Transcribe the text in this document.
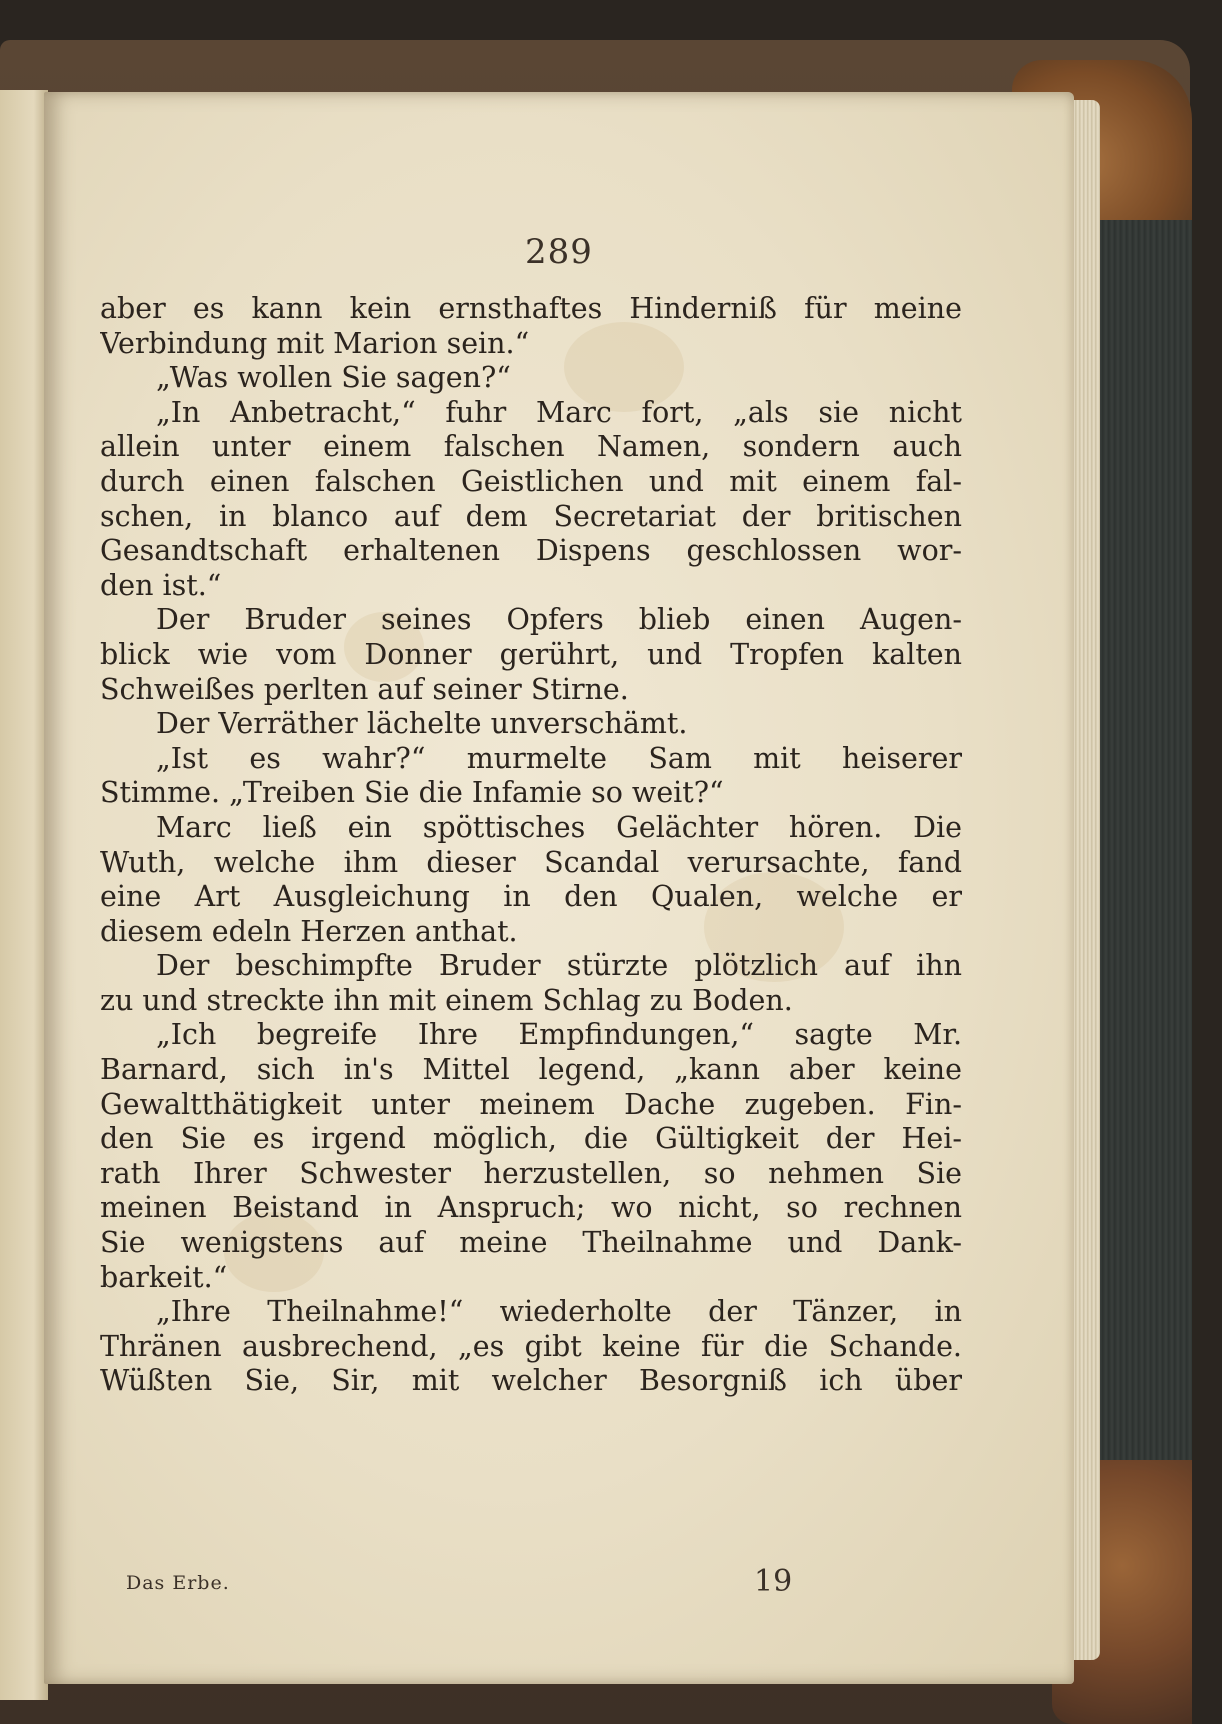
289
aber es kann kein ernsthaftes Hinderniß für meine
Verbindung mit Marion sein.“
„Was wollen Sie sagen?“
„In Anbetracht,“ fuhr Marc fort, „als sie nicht
allein unter einem falschen Namen, sondern auch
durch einen falschen Geistlichen und mit einem fal-
schen, in blanco auf dem Secretariat der britischen
Gesandtschaft erhaltenen Dispens geschlossen wor-
den ist.“
Der Bruder seines Opfers blieb einen Augen-
blick wie vom Donner gerührt, und Tropfen kalten
Schweißes perlten auf seiner Stirne.
Der Verräther lächelte unverschämt.
„Ist es wahr?“ murmelte Sam mit heiserer
Stimme. „Treiben Sie die Infamie so weit?“
Marc ließ ein spöttisches Gelächter hören. Die
Wuth, welche ihm dieser Scandal verursachte, fand
eine Art Ausgleichung in den Qualen, welche er
diesem edeln Herzen anthat.
Der beschimpfte Bruder stürzte plötzlich auf ihn
zu und streckte ihn mit einem Schlag zu Boden.
„Ich begreife Ihre Empfindungen,“ sagte Mr.
Barnard, sich in's Mittel legend, „kann aber keine
Gewaltthätigkeit unter meinem Dache zugeben. Fin-
den Sie es irgend möglich, die Gültigkeit der Hei-
rath Ihrer Schwester herzustellen, so nehmen Sie
meinen Beistand in Anspruch; wo nicht, so rechnen
Sie wenigstens auf meine Theilnahme und Dank-
barkeit.“
„Ihre Theilnahme!“ wiederholte der Tänzer, in
Thränen ausbrechend, „es gibt keine für die Schande.
Wüßten Sie, Sir, mit welcher Besorgniß ich über
Das Erbe.	19
